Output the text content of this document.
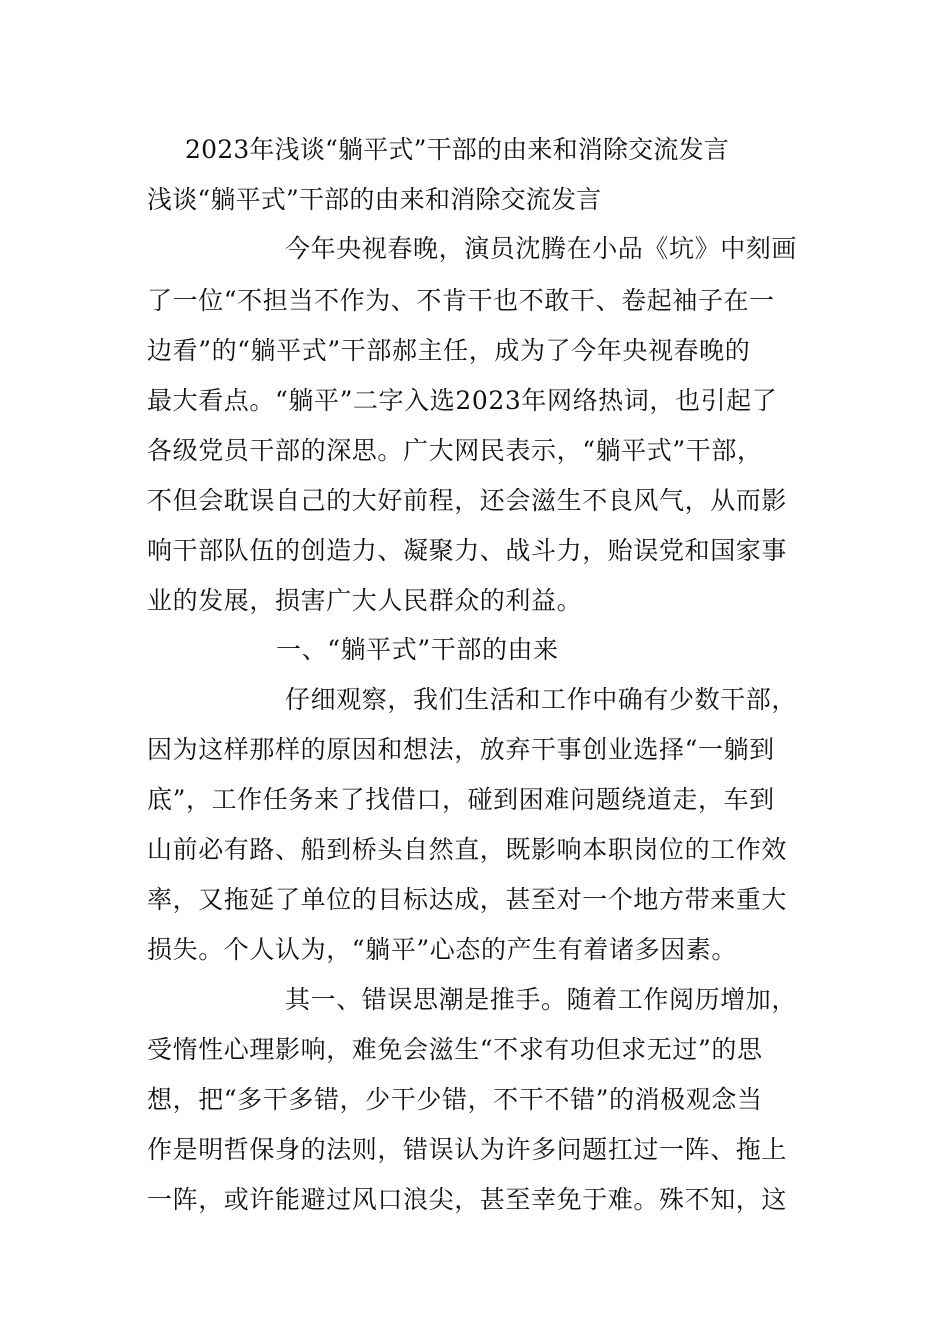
2023年浅谈“躺平式”干部的由来和消除交流发言
浅谈“躺平式”干部的由来和消除交流发言
今年央视春晚，演员沈腾在小品《坑》中刻画
了一位“不担当不作为、不肯干也不敢干、卷起袖子在一
边看”的“躺平式”干部郝主任，成为了今年央视春晚的
最大看点。“躺平”二字入选2023年网络热词，也引起了
各级党员干部的深思。广大网民表示，“躺平式”干部，
不但会耽误自己的大好前程，还会滋生不良风气，从而影
响干部队伍的创造力、凝聚力、战斗力，贻误党和国家事
业的发展，损害广大人民群众的利益。
一、“躺平式”干部的由来
仔细观察，我们生活和工作中确有少数干部，
因为这样那样的原因和想法，放弃干事创业选择“一躺到
底”，工作任务来了找借口，碰到困难问题绕道走，车到
山前必有路、船到桥头自然直，既影响本职岗位的工作效
率，又拖延了单位的目标达成，甚至对一个地方带来重大
损失。个人认为，“躺平”心态的产生有着诸多因素。
其一、错误思潮是推手。随着工作阅历增加，
受惰性心理影响，难免会滋生“不求有功但求无过”的思
想，把“多干多错，少干少错，不干不错”的消极观念当
作是明哲保身的法则，错误认为许多问题扛过一阵、拖上
一阵，或许能避过风口浪尖，甚至幸免于难。殊不知，这
